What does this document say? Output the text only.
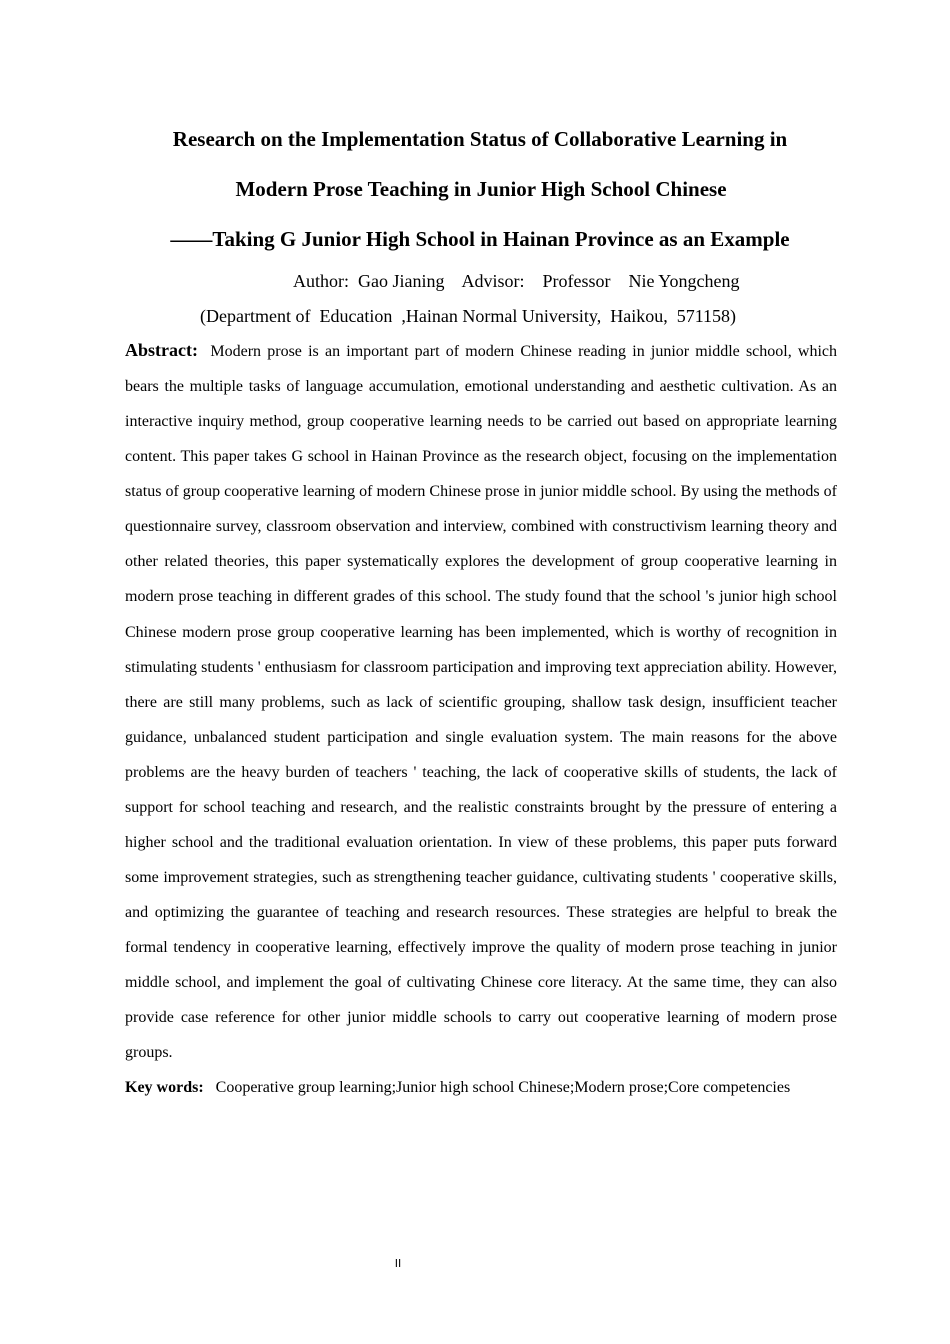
Research on the Implementation Status of Collaborative Learning in
Modern Prose Teaching in Junior High School Chinese
——Taking G Junior High School in Hainan Province as an Example
Author:  Gao Jianing    Advisor:    Professor    Nie Yongcheng
(Department of  Education  ,Hainan Normal University,  Haikou,  571158)

Abstract: Modern prose is an important part of modern Chinese reading in junior middle school, which bears the multiple tasks of language accumulation, emotional understanding and aesthetic cultivation. As an interactive inquiry method, group cooperative learning needs to be carried out based on appropriate learning content. This paper takes G school in Hainan Province as the research object, focusing on the implementation status of group cooperative learning of modern Chinese prose in junior middle school. By using the methods of questionnaire survey, classroom observation and interview, combined with constructivism learning theory and other related theories, this paper systematically explores the development of group cooperative learning in modern prose teaching in different grades of this school. The study found that the school 's junior high school Chinese modern prose group cooperative learning has been implemented, which is worthy of recognition in stimulating students ' enthusiasm for classroom participation and improving text appreciation ability. However, there are still many problems, such as lack of scientific grouping, shallow task design, insufficient teacher guidance, unbalanced student participation and single evaluation system. The main reasons for the above problems are the heavy burden of teachers ' teaching, the lack of cooperative skills of students, the lack of support for school teaching and research, and the realistic constraints brought by the pressure of entering a higher school and the traditional evaluation orientation. In view of these problems, this paper puts forward some improvement strategies, such as strengthening teacher guidance, cultivating students ' cooperative skills, and optimizing the guarantee of teaching and research resources. These strategies are helpful to break the formal tendency in cooperative learning, effectively improve the quality of modern prose teaching in junior middle school, and implement the goal of cultivating Chinese core literacy. At the same time, they can also provide case reference for other junior middle schools to carry out cooperative learning of modern prose groups.

Key words: Cooperative group learning;Junior high school Chinese;Modern prose;Core competencies

II
